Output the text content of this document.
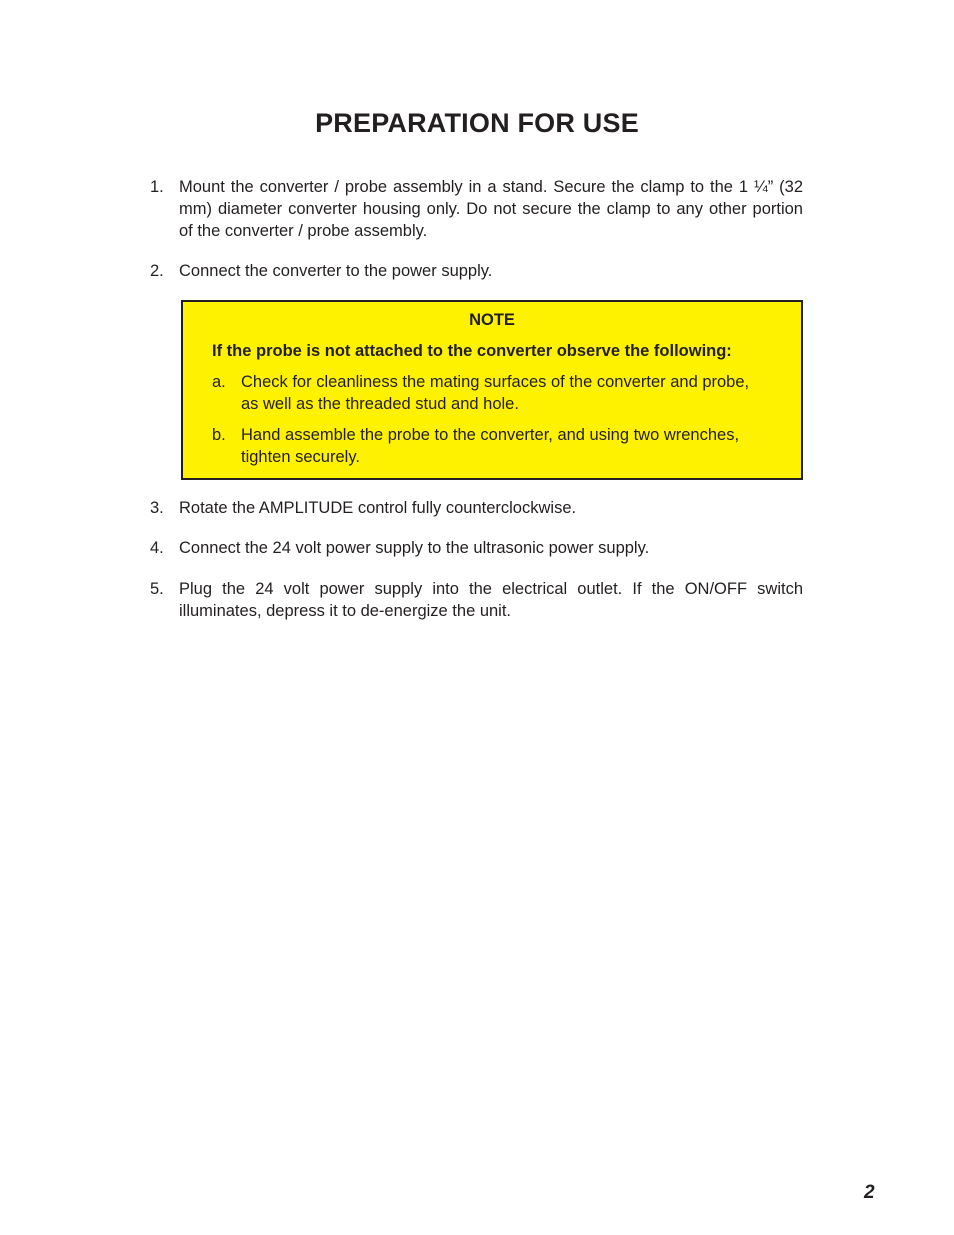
PREPARATION FOR USE
1. Mount the converter / probe assembly in a stand. Secure the clamp to the 1 ¼” (32 mm) diameter converter housing only. Do not secure the clamp to any other portion of the converter / probe assembly.
2. Connect the converter to the power supply.

NOTE

If the probe is not attached to the converter observe the following:

a. Check for cleanliness the mating surfaces of the converter and probe, as well as the threaded stud and hole.
b. Hand assemble the probe to the converter, and using two wrenches, tighten securely.
3. Rotate the AMPLITUDE control fully counterclockwise.
4. Connect the 24 volt power supply to the ultrasonic power supply.
5. Plug the 24 volt power supply into the electrical outlet. If the ON/OFF switch illuminates, depress it to de-energize the unit.
2
